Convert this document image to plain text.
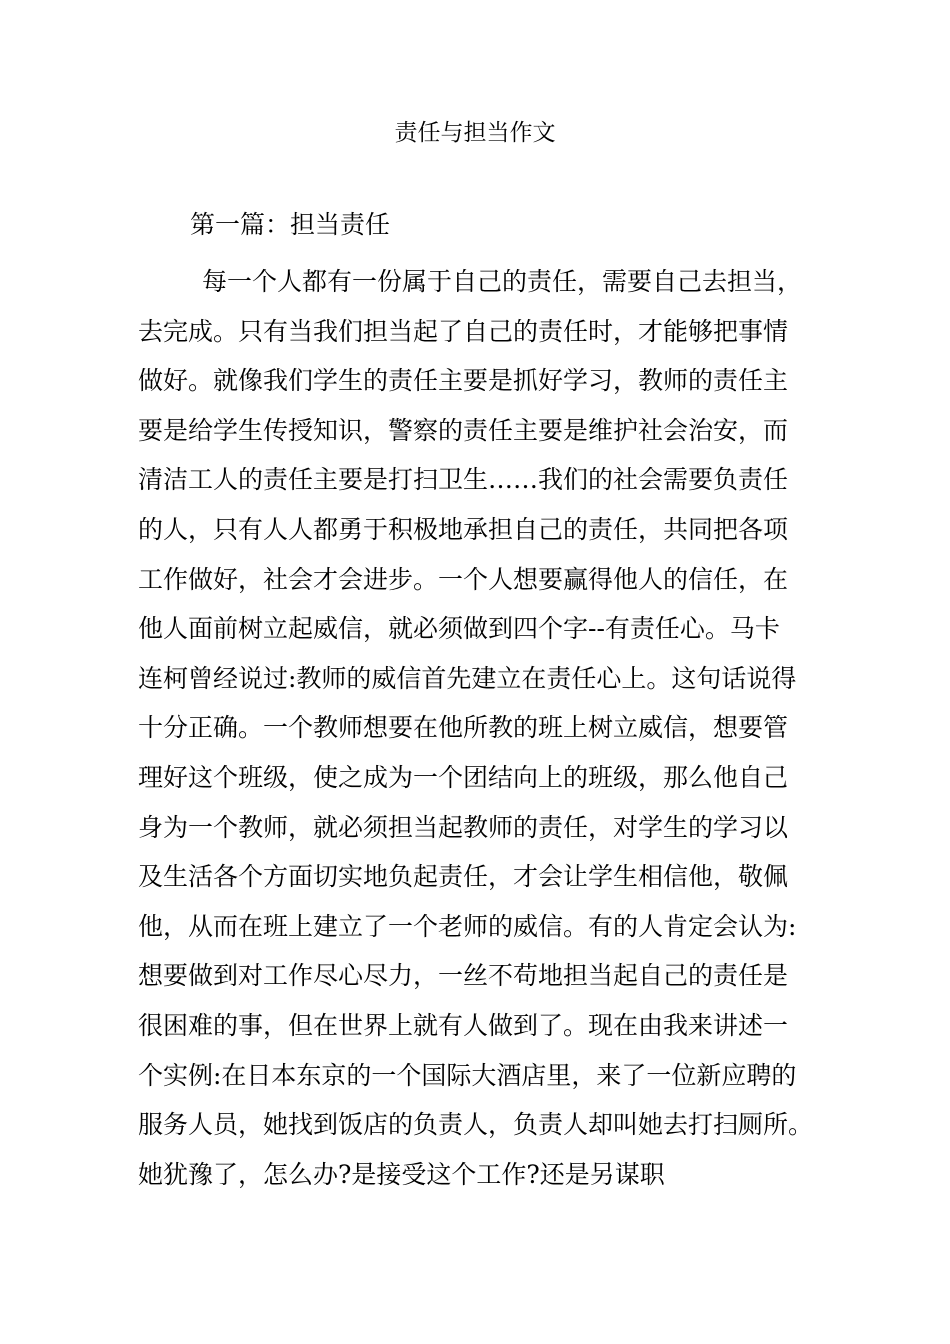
责任与担当作文
第一篇：担当责任
每一个人都有一份属于自己的责任，需要自己去担当，
去完成。只有当我们担当起了自己的责任时，才能够把事情
做好。就像我们学生的责任主要是抓好学习，教师的责任主
要是给学生传授知识，警察的责任主要是维护社会治安，而
清洁工人的责任主要是打扫卫生……我们的社会需要负责任
的人，只有人人都勇于积极地承担自己的责任，共同把各项
工作做好，社会才会进步。一个人想要赢得他人的信任，在
他人面前树立起威信，就必须做到四个字--有责任心。马卡
连柯曾经说过:教师的威信首先建立在责任心上。这句话说得
十分正确。一个教师想要在他所教的班上树立威信，想要管
理好这个班级，使之成为一个团结向上的班级，那么他自己
身为一个教师，就必须担当起教师的责任，对学生的学习以
及生活各个方面切实地负起责任，才会让学生相信他，敬佩
他，从而在班上建立了一个老师的威信。有的人肯定会认为:
想要做到对工作尽心尽力，一丝不苟地担当起自己的责任是
很困难的事，但在世界上就有人做到了。现在由我来讲述一
个实例:在日本东京的一个国际大酒店里，来了一位新应聘的
服务人员，她找到饭店的负责人，负责人却叫她去打扫厕所。
她犹豫了，怎么办?是接受这个工作?还是另谋职
